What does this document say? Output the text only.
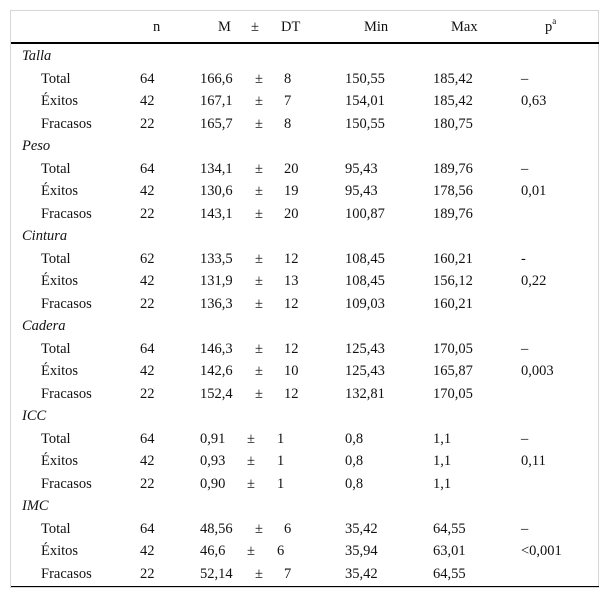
n	M ± DT	Min	Max	$p^a$
Talla
Total	64	166,6 ± 8	150,55	185,42	–
Éxitos	42	167,1 ± 7	154,01	185,42	0,63
Fracasos	22	165,7 ± 8	150,55	180,75
Peso
Total	64	134,1 ± 20	95,43	189,76	–
Éxitos	42	130,6 ± 19	95,43	178,56	0,01
Fracasos	22	143,1 ± 20	100,87	189,76
Cintura
Total	62	133,5 ± 12	108,45	160,21	-
Éxitos	42	131,9 ± 13	108,45	156,12	0,22
Fracasos	22	136,3 ± 12	109,03	160,21
Cadera
Total	64	146,3 ± 12	125,43	170,05	–
Éxitos	42	142,6 ± 10	125,43	165,87	0,003
Fracasos	22	152,4 ± 12	132,81	170,05
ICC
Total	64	0,91 ± 1	0,8	1,1	–
Éxitos	42	0,93 ± 1	0,8	1,1	0,11
Fracasos	22	0,90 ± 1	0,8	1,1
IMC
Total	64	48,56 ± 6	35,42	64,55	–
Éxitos	42	46,6 ± 6	35,94	63,01	<0,001
Fracasos	22	52,14 ± 7	35,42	64,55
